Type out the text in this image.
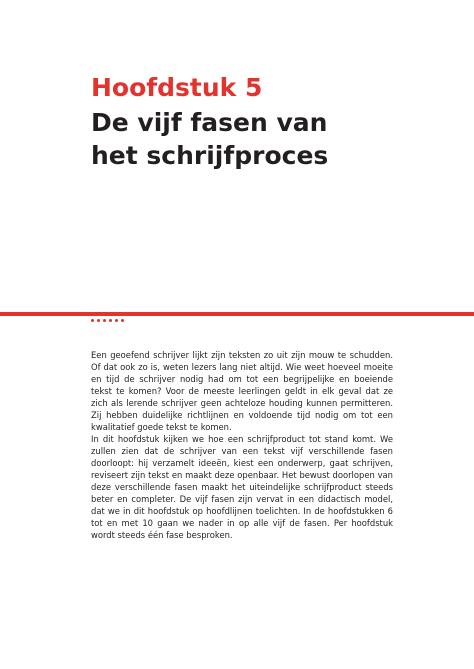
Hoofdstuk 5
De vijf fasen van
het schrijfproces

Een geoefend schrijver lijkt zijn teksten zo uit zijn mouw te schudden. Of dat ook zo is, weten lezers lang niet altijd. Wie weet hoeveel moeite en tijd de schrijver nodig had om tot een begrijpelijke en boeiende tekst te komen? Voor de meeste leerlingen geldt in elk geval dat ze zich als lerende schrijver geen achteloze houding kunnen permitteren. Zij hebben duidelijke richtlijnen en voldoende tijd nodig om tot een kwalitatief goede tekst te komen.

In dit hoofdstuk kijken we hoe een schrijfproduct tot stand komt. We zullen zien dat de schrijver van een tekst vijf verschillende fasen doorloopt: hij verzamelt ideeën, kiest een onderwerp, gaat schrijven, reviseert zijn tekst en maakt deze openbaar. Het bewust doorlopen van deze verschillende fasen maakt het uiteindelijke schrijfproduct steeds beter en completer. De vijf fasen zijn vervat in een didactisch model, dat we in dit hoofdstuk op hoofdlijnen toelichten. In de hoofdstukken 6 tot en met 10 gaan we nader in op alle vijf de fasen. Per hoofdstuk wordt steeds één fase besproken.
